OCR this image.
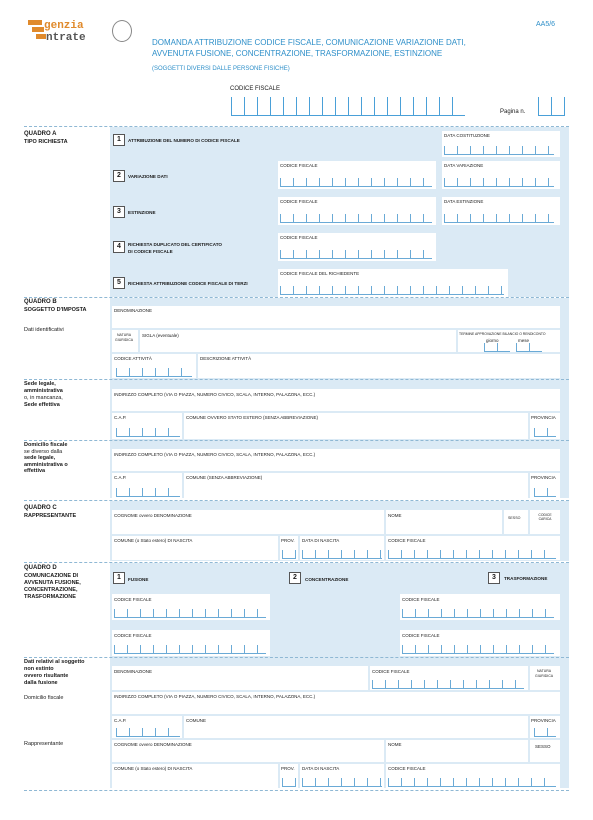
genzia
ntrate
AA5/6
DOMANDA ATTRIBUZIONE CODICE FISCALE, COMUNICAZIONE VARIAZIONE DATI,
AVVENUTA FUSIONE, CONCENTRAZIONE, TRASFORMAZIONE, ESTINZIONE
(SOGGETTI DIVERSI DALLE PERSONE FISICHE)
CODICE FISCALE
Pagina n.
QUADRO A
TIPO RICHIESTA	1	ATTRIBUZIONE DEL NUMERO DI CODICE FISCALE
DATA COSTITUZIONE
2	VARIAZIONE DATI
CODICE FISCALE	DATA VARIAZIONE
3	ESTINZIONE
CODICE FISCALE	DATA ESTINZIONE
4	RICHIESTA DUPLICATO DEL CERTIFICATO
DI CODICE FISCALE
CODICE FISCALE
5	RICHIESTA ATTRIBUZIONE CODICE FISCALE DI TERZI
CODICE FISCALE DEL RICHIEDENTE
QUADRO B
SOGGETTO D'IMPOSTA
Dati identificativi
DENOMINAZIONE
NATURA
GIURIDICA
SIGLA (eventuale)	TERMINE APPROVAZIONE BILANCIO O RENDICONTO
giorno	mese
CODICE ATTIVITÀ	DESCRIZIONE ATTIVITÀ
Sede legale,
amministrativa
o, in mancanza,
Sede effettiva
INDIRIZZO COMPLETO (VIA O PIAZZA, NUMERO CIVICO, SCALA, INTERNO, PALAZZINA, ECC.)
C.A.P.	COMUNE OVVERO STATO ESTERO (SENZA ABBREVIAZIONE)	PROVINCIA
Domicilio fiscale
se diverso dalla
sede legale,
amministrativa o
effettiva
INDIRIZZO COMPLETO (VIA O PIAZZA, NUMERO CIVICO, SCALA, INTERNO, PALAZZINA, ECC.)
C.A.P.	COMUNE (SENZA ABBREVIAZIONE)	PROVINCIA
QUADRO C
RAPPRESENTANTE	COGNOME ovvero DENOMINAZIONE	NOME	SESSO
CODICE CARICA
COMUNE (o Stato estero) DI NASCITA	PROV. DATA DI NASCITA	CODICE FISCALE
QUADRO D
COMUNICAZIONE DI
AVVENUTA FUSIONE,
CONCENTRAZIONE,
TRASFORMAZIONE
1	FUSIONE	2	CONCENTRAZIONE	3	TRASFORMAZIONE
CODICE FISCALE	CODICE FISCALE
CODICE FISCALE	CODICE FISCALE
Dati relativi al soggetto
non estinto
ovvero risultante
dalla fusione
Domicilio fiscale
Rappresentante
DENOMINAZIONE	CODICE FISCALE	NATURA
GIURIDICA
INDIRIZZO COMPLETO (VIA O PIAZZA, NUMERO CIVICO, SCALA, INTERNO, PALAZZINA, ECC.)
C.A.P.	COMUNE	PROVINCIA
COGNOME ovvero DENOMINAZIONE	NOME	SESSO
COMUNE (o Stato estero) DI NASCITA	PROV. DATA DI NASCITA	CODICE FISCALE
